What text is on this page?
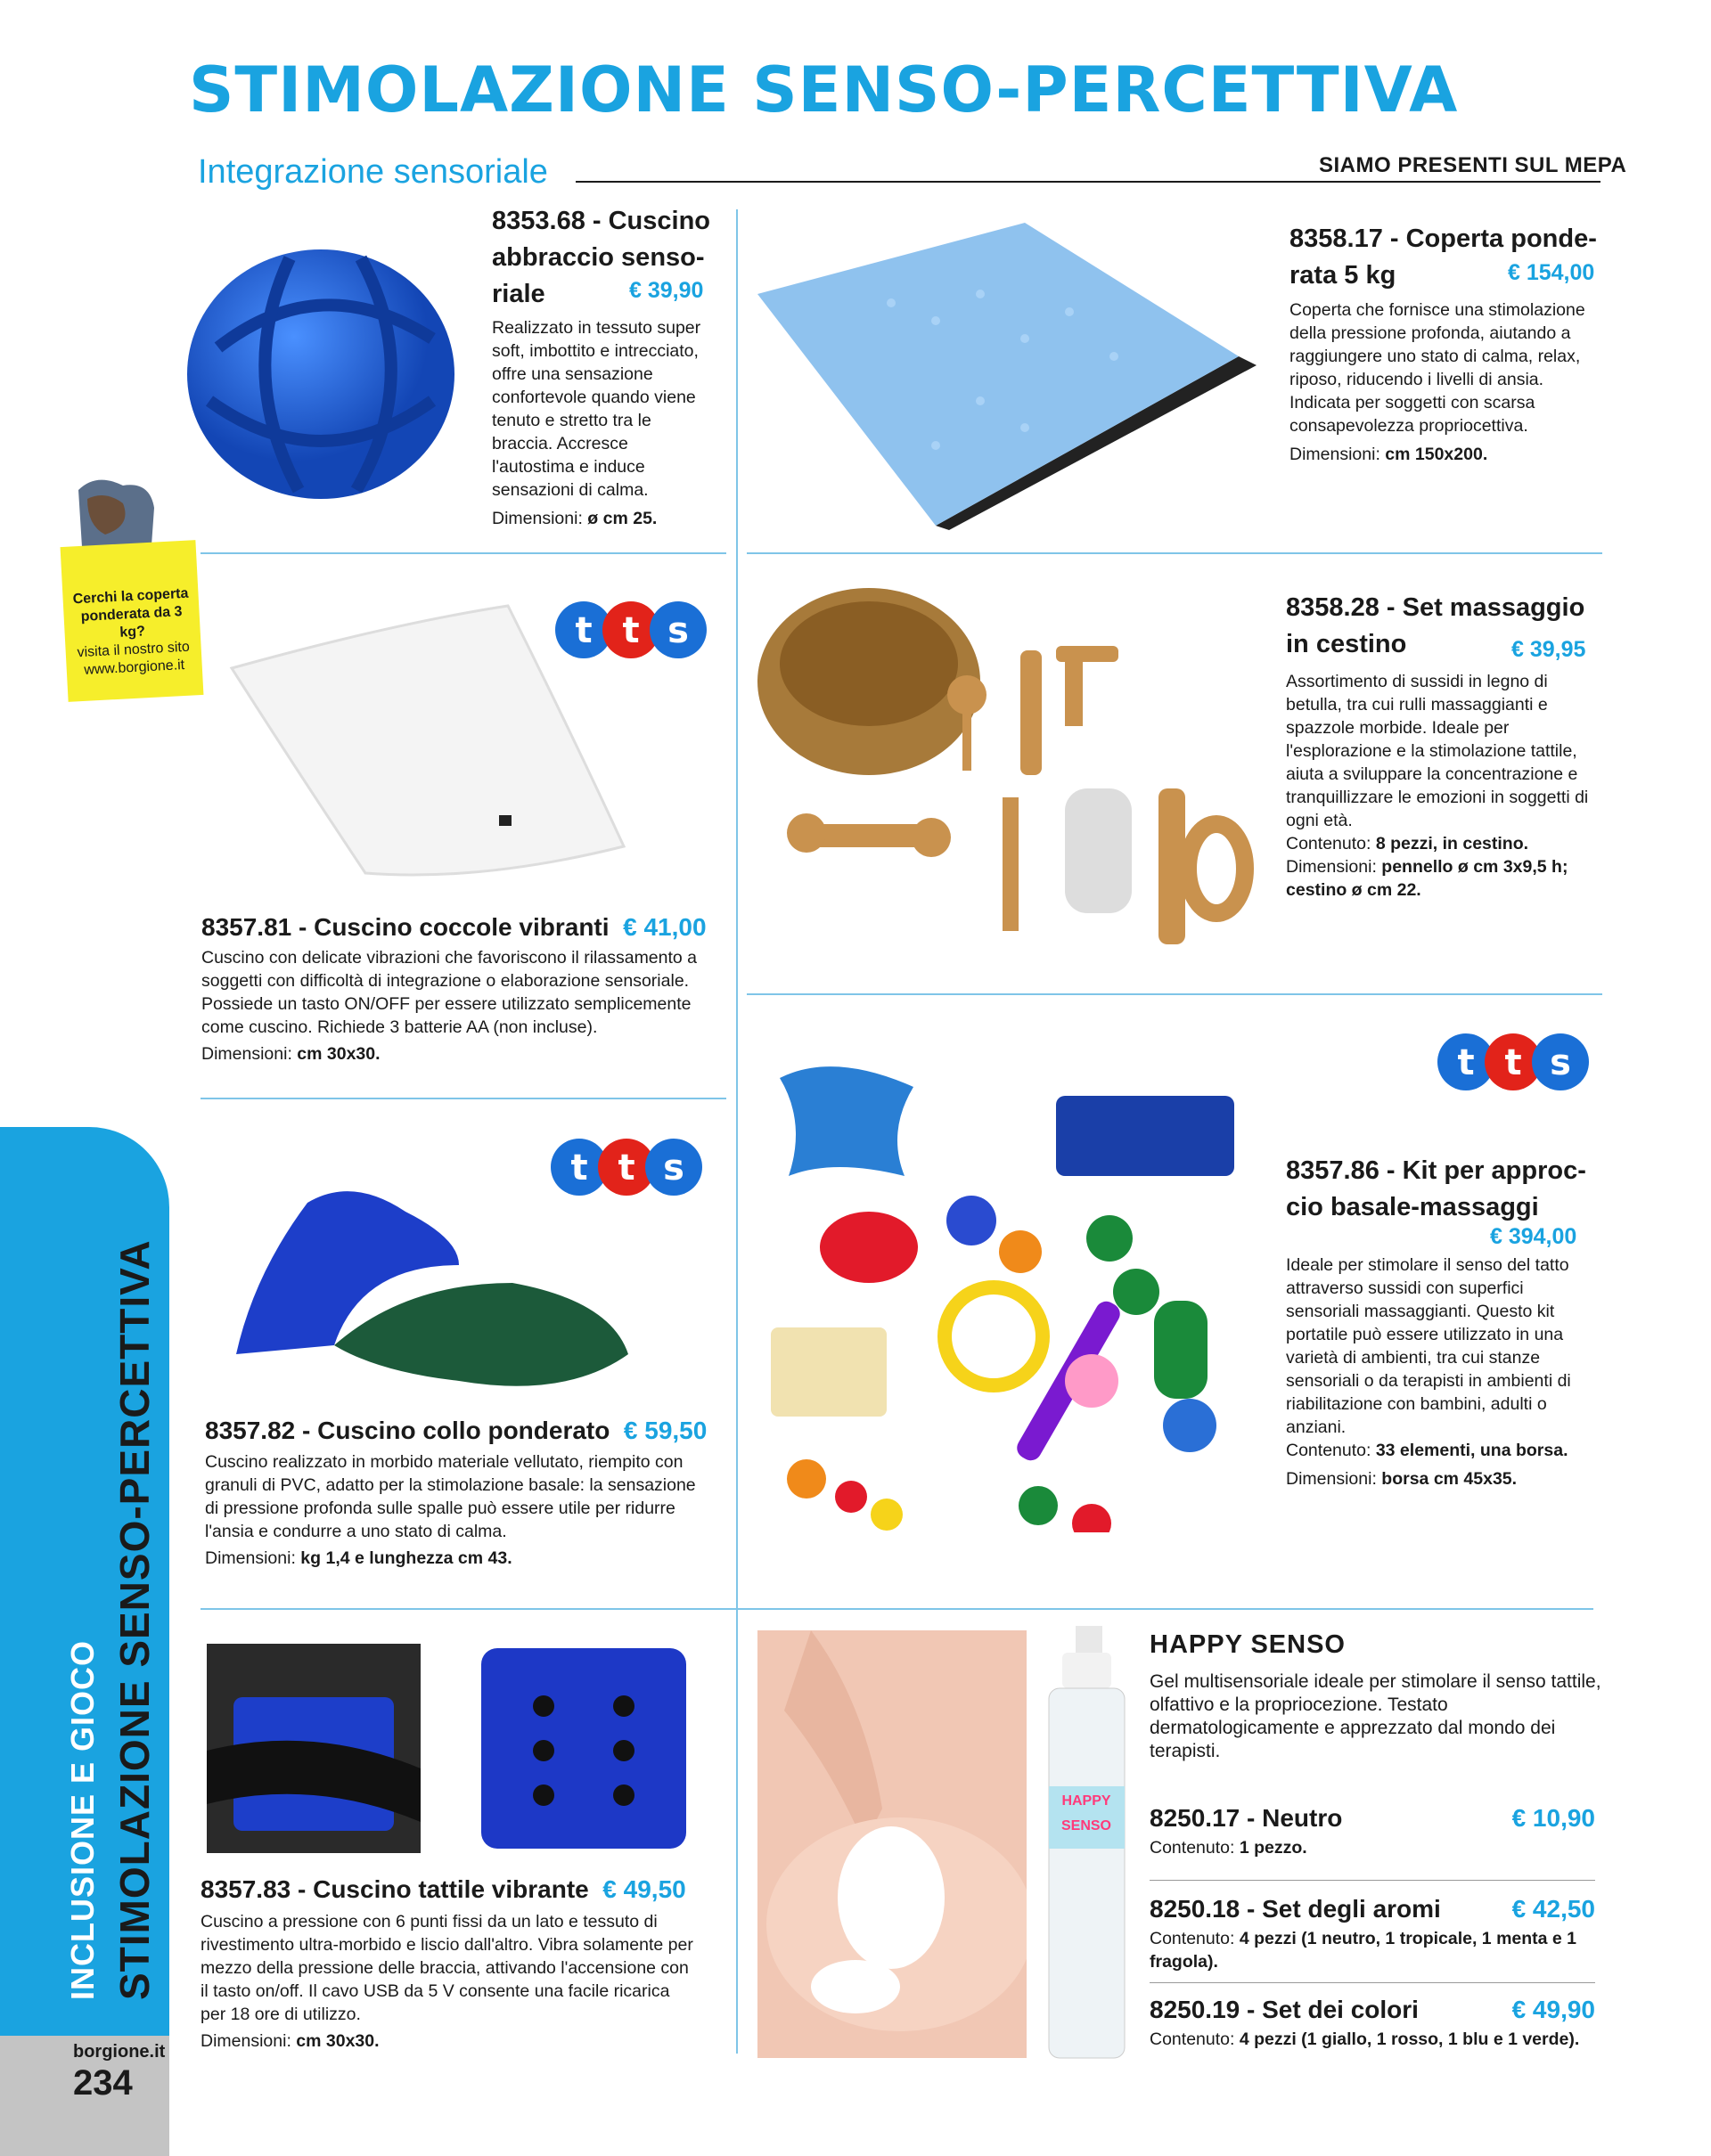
STIMOLAZIONE SENSO-PERCETTIVA
Integrazione sensoriale	SIAMO PRESENTI SUL MEPA
INCLUSIONE E GIOCO STIMOLAZIONE SENSO-PERCETTIVA
borgione.it
234
Cerchi la coperta ponderata da 3 kg?
visita il nostro sito www.borgione.it
8353.68 - Cuscino abbraccio senso-riale	€ 39,90
Realizzato in tessuto super soft, imbottito e intrecciato, offre una sensazione confortevole quando viene tenuto e stretto tra le braccia. Accresce l'autostima e induce sensazioni di calma.
Dimensioni: ø cm 25.
8358.17 - Coperta ponde-rata 5 kg	€ 154,00
Coperta che fornisce una stimolazione della pressione profonda, aiutando a raggiungere uno stato di calma, relax, riposo, riducendo i livelli di ansia. Indicata per soggetti con scarsa consapevolezza propriocettiva.
Dimensioni: cm 150x200.
t t s
8357.81 - Cuscino coccole vibranti € 41,00
Cuscino con delicate vibrazioni che favoriscono il rilassamento a soggetti con difficoltà di integrazione o elaborazione sensoriale. Possiede un tasto ON/OFF per essere utilizzato semplicemente come cuscino. Richiede 3 batterie AA (non incluse).
Dimensioni: cm 30x30.
8358.28 - Set massaggio in cestino	€ 39,95
Assortimento di sussidi in legno di betulla, tra cui rulli massaggianti e spazzole morbide. Ideale per l'esplorazione e la stimolazione tattile, aiuta a sviluppare la concentrazione e tranquillizzare le emozioni in soggetti di ogni età.
Contenuto: 8 pezzi, in cestino.
Dimensioni: pennello ø cm 3x9,5 h; cestino ø cm 22.
t t s
8357.82 - Cuscino collo ponderato € 59,50
Cuscino realizzato in morbido materiale vellutato, riempito con granuli di PVC, adatto per la stimolazione basale: la sensazione di pressione profonda sulle spalle può essere utile per ridurre l'ansia e condurre a uno stato di calma.
Dimensioni: kg 1,4 e lunghezza cm 43.
t t s
8357.86 - Kit per approc-cio basale-massaggi
€ 394,00
Ideale per stimolare il senso del tatto attraverso sussidi con superfici sensoriali massaggianti. Questo kit portatile può essere utilizzato in una varietà di ambienti, tra cui stanze sensoriali o da terapisti in ambienti di riabilitazione con bambini, adulti o anziani.
Contenuto: 33 elementi, una borsa.
Dimensioni: borsa cm 45x35.
8357.83 - Cuscino tattile vibrante € 49,50
Cuscino a pressione con 6 punti fissi da un lato e tessuto di rivestimento ultra-morbido e liscio dall'altro. Vibra solamente per mezzo della pressione delle braccia, attivando l'accensione con il tasto on/off. Il cavo USB da 5 V consente una facile ricarica per 18 ore di utilizzo.
Dimensioni: cm 30x30.
HAPPY
SENSO
HAPPY SENSO
Gel multisensoriale ideale per stimolare il senso tattile, olfattivo e la propriocezione. Testato dermatologicamente e apprezzato dal mondo dei terapisti.
8250.17 - Neutro	€ 10,90
Contenuto: 1 pezzo.
8250.18 - Set degli aromi	€ 42,50
Contenuto: 4 pezzi (1 neutro, 1 tropicale, 1 menta e 1 fragola).
8250.19 - Set dei colori	€ 49,90
Contenuto: 4 pezzi (1 giallo, 1 rosso, 1 blu e 1 verde).
